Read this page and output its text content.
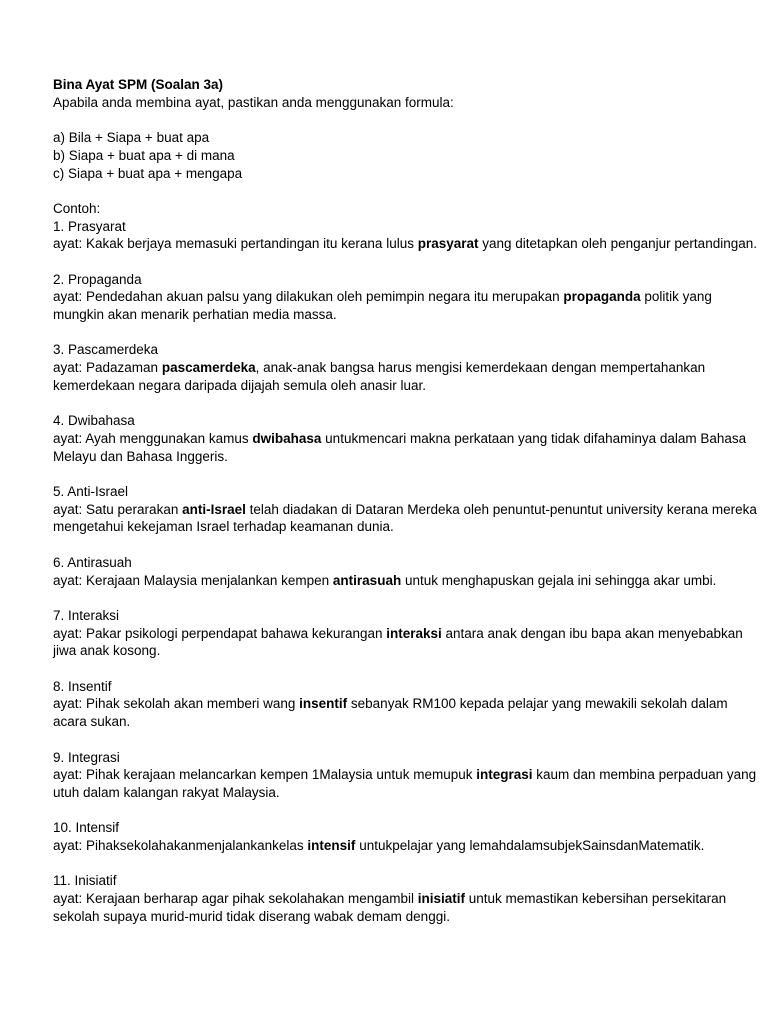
Bina Ayat SPM (Soalan 3a)
Apabila anda membina ayat, pastikan anda menggunakan formula:
a) Bila + Siapa + buat apa
b) Siapa + buat apa + di mana
c) Siapa + buat apa + mengapa
Contoh:
1. Prasyarat
ayat: Kakak berjaya memasuki pertandingan itu kerana lulus prasyarat yang ditetapkan oleh penganjur pertandingan.
2. Propaganda
ayat: Pendedahan akuan palsu yang dilakukan oleh pemimpin negara itu merupakan propaganda politik yang mungkin akan menarik perhatian media massa.
3. Pascamerdeka
ayat: Padazaman pascamerdeka, anak-anak bangsa harus mengisi kemerdekaan dengan mempertahankan kemerdekaan negara daripada dijajah semula oleh anasir luar.
4. Dwibahasa
ayat: Ayah menggunakan kamus dwibahasa untukmencari makna perkataan yang tidak difahaminya dalam Bahasa Melayu dan Bahasa Inggeris.
5. Anti-Israel
ayat: Satu perarakan anti-Israel telah diadakan di Dataran Merdeka oleh penuntut-penuntut university kerana mereka mengetahui kekejaman Israel terhadap keamanan dunia.
6. Antirasuah
ayat: Kerajaan Malaysia menjalankan kempen antirasuah untuk menghapuskan gejala ini sehingga akar umbi.
7. Interaksi
ayat: Pakar psikologi perpendapat bahawa kekurangan interaksi antara anak dengan ibu bapa akan menyebabkan jiwa anak kosong.
8. Insentif
ayat: Pihak sekolah akan memberi wang insentif sebanyak RM100 kepada pelajar yang mewakili sekolah dalam acara sukan.
9. Integrasi
ayat: Pihak kerajaan melancarkan kempen 1Malaysia untuk memupuk integrasi kaum dan membina perpaduan yang utuh dalam kalangan rakyat Malaysia.
10. Intensif
ayat: Pihaksekolahakanmenjalankankelas intensif untukpelajar yang lemahdalamsubjekSainsdanMatematik.
11. Inisiatif
ayat: Kerajaan berharap agar pihak sekolahakan mengambil inisiatif untuk memastikan kebersihan persekitaran sekolah supaya murid-murid tidak diserang wabak demam denggi.
